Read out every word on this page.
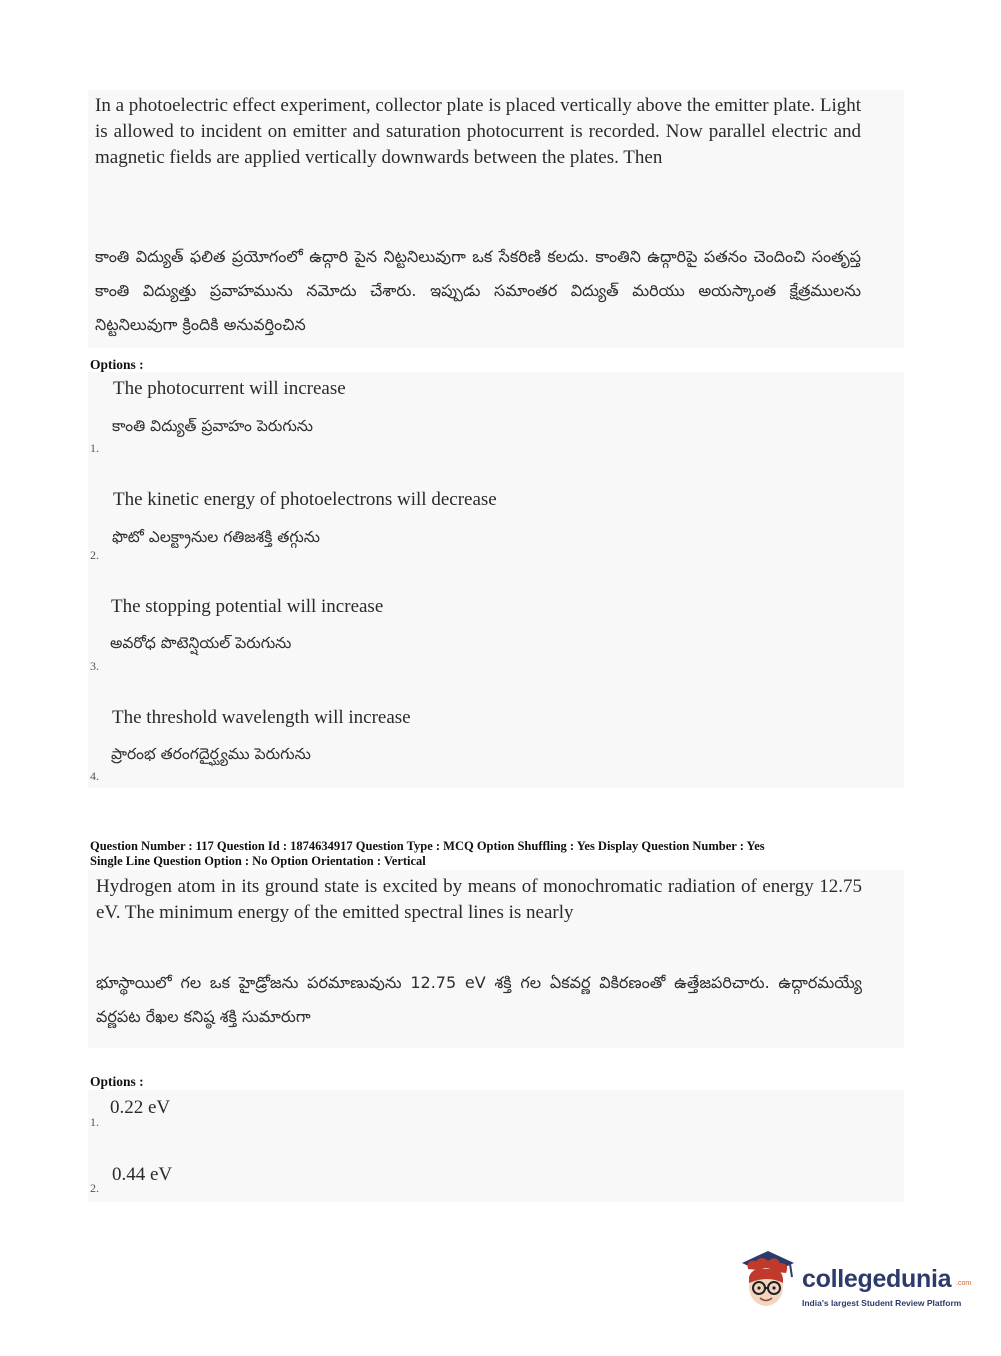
In a photoelectric effect experiment, collector plate is placed vertically above the emitter plate. Light is allowed to incident on emitter and saturation photocurrent is recorded. Now parallel electric and magnetic fields are applied vertically downwards between the plates. Then
కాంతి విద్యుత్ ఫలిత ప్రయోగంలో ఉద్గారి పైన నిట్టనిలువుగా ఒక సేకరిణి కలదు. కాంతిని ఉద్గారిపై పతనం చెందించి సంతృప్త కాంతి విద్యుత్తు ప్రవాహమును నమోదు చేశారు. ఇప్పుడు సమాంతర విద్యుత్ మరియు అయస్కాంత క్షేత్రములను నిట్టనిలువుగా క్రిందికి అనువర్తించిన
Options :
The photocurrent will increase
కాంతి విద్యుత్ ప్రవాహం పెరుగును
1.
The kinetic energy of photoelectrons will decrease
ఫొటో ఎలక్ట్రానుల గతిజశక్తి తగ్గును
2.
The stopping potential will increase
అవరోధ పొటెన్షియల్ పెరుగును
3.
The threshold wavelength will increase
ప్రారంభ తరంగదైర్ఘ్యము పెరుగును
4.
Question Number : 117 Question Id : 1874634917 Question Type : MCQ Option Shuffling : Yes Display Question Number : Yes
Single Line Question Option : No Option Orientation : Vertical
Hydrogen atom in its ground state is excited by means of monochromatic radiation of energy 12.75 eV. The minimum energy of the emitted spectral lines is nearly
భూస్థాయిలో గల ఒక హైడ్రోజను పరమాణువును 12.75 eV శక్తి గల ఏకవర్ణ వికిరణంతో ఉత్తేజపరిచారు. ఉద్గారమయ్యే వర్ణపట రేఖల కనిష్ఠ శక్తి సుమారుగా
Options :
1.
0.22 eV
2.
0.44 eV
collegedunia .com
India's largest Student Review Platform
